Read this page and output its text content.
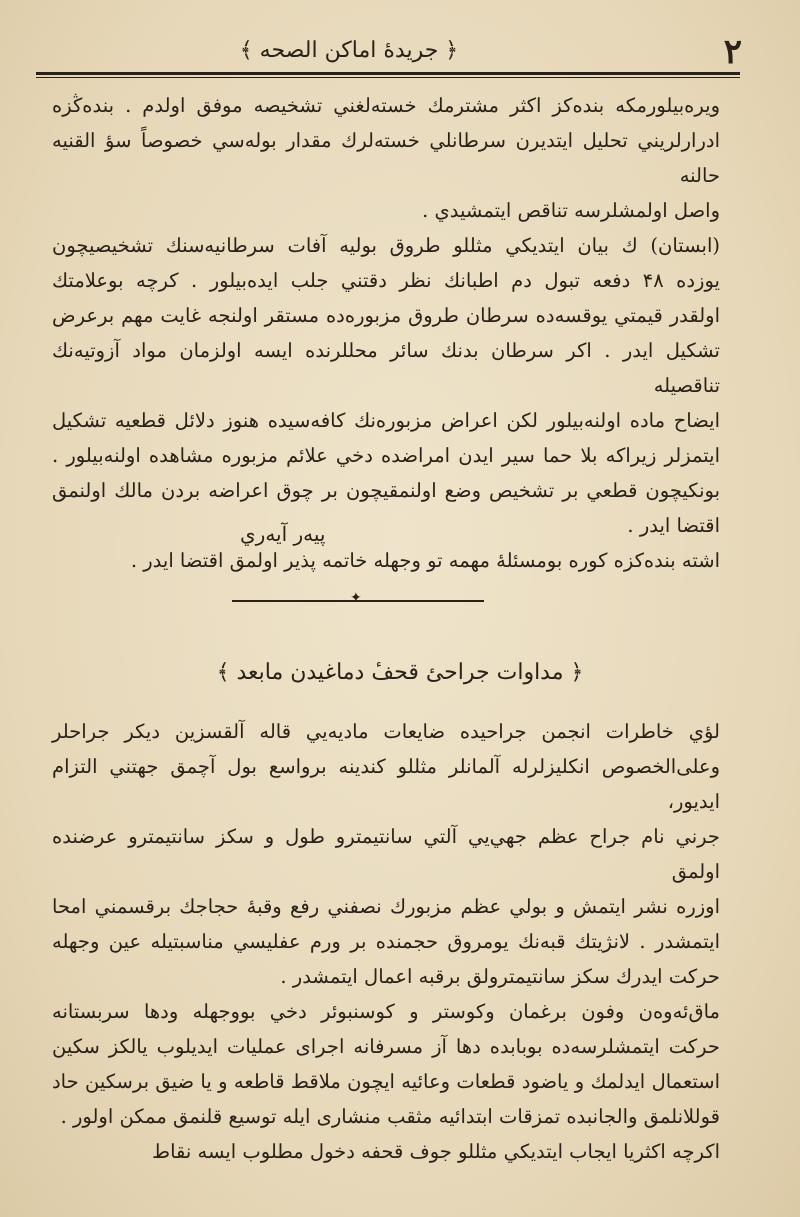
۲
﴿ جريدهٔ اماكن الصحه ﴾

ويره‌بيلورمكه بنده‌كز اكثر مشترمك خسته‌لغني تشخيصه موفق اولدم . بنده‌ڭزه
ادرارلريني تحليل ايتديرن سرطانلي خسته‌لرك مقدار بوله‌سي خصوصاً سؤ القنيه حالنه
واصل اولمشلرسه تناقص ايتمشيدي .

(ابستان) ك بيان ايتديكي مثللو طروق بوليه آفات سرطانيه‌سنك تشخيصيچون
يوزده ۴۸ دفعه تبول دم اطبانك نظر دقتني جلب ايده‌بيلور . كرچه بوعلامتك
اولقدر قيمتي يوقسه‌ده سرطان طروق مزبوره‌ده مستقر اولنجه غايت مهم برعرض
تشكيل ايدر . اكر سرطان بدنك سائر محللرنده ايسه اولزمان مواد آزوتيه‌نك تناقصيله
ايضاح ماده اولنه‌بيلور لكن اعراض مزبوره‌نك كافه‌سيده هنوز دلائل قطعيه تشكيل
ايتمزلر زيراكه بلا حما سير ايدن امراضده دخي علائم مزبوره مشاهده اولنه‌بيلور .
بونكيچون قطعي بر تشخيص وضع اولنمقيچون بر چوق اعراضه بردن مالك اولنمق
اقتضا ايدر .

اشته بنده‌كزه كوره بومسئلهٔ مهمه تو وجهله خاتمه پذير اولمق اقتضا ايدر .

پيه‌ر آيه‌ري
✦
﴿ مداوات جراحئ قحفٔ دماغيدن مابعد ﴾

لؤي خاطرات انجمن جراحيده ضايعات ماديه‌يي قاله آلقسزين ديكر جراحلر
وعلى‌الخصوص انكليزلرله آلمانلر مثللو كندينه برواسع بول آچمق جهتني التزام ايديور،
جرني نام جراح عظم جهي‌يي آلتي سانتيمترو طول و سكز سانتيمترو عرضنده اولمق
اوزره نشر ايتمش و بولي عظم مزبورك نصفني رفع وقبهٔ حجاجك برقسمني امحا
ايتمشدر . لانژيتك قبه‌نك يومروق حجمنده بر ورم عفليسي مناسبتيله عين وجهله
حركت ايدرك سكز سانتيمترولق برقبه اعمال ايتمشدر .

ماق‌ئه‌وه‌ن وفون برغمان وكوستر و كوسنبوئر دخي بووجهله ودها سربستانه
حركت ايتمشلرسه‌ده بوبابده دها آز مسرفانه اجراى عمليات ايديلوب يالكز سكين
استعمال ايدلمك و ياضود قطعات وعائيه ايچون ملاقط قاطعه و يا ضيق برسكين حاد
قوللانلمق والجانبده تمزقات ابتدائيه مثقب منشارى ايله توسيع قلنمق ممكن اولور .

اكرچه اكثريا ايجاب ايتديكي مثللو جوف قحفه دخول مطلوب ايسه نقاط
